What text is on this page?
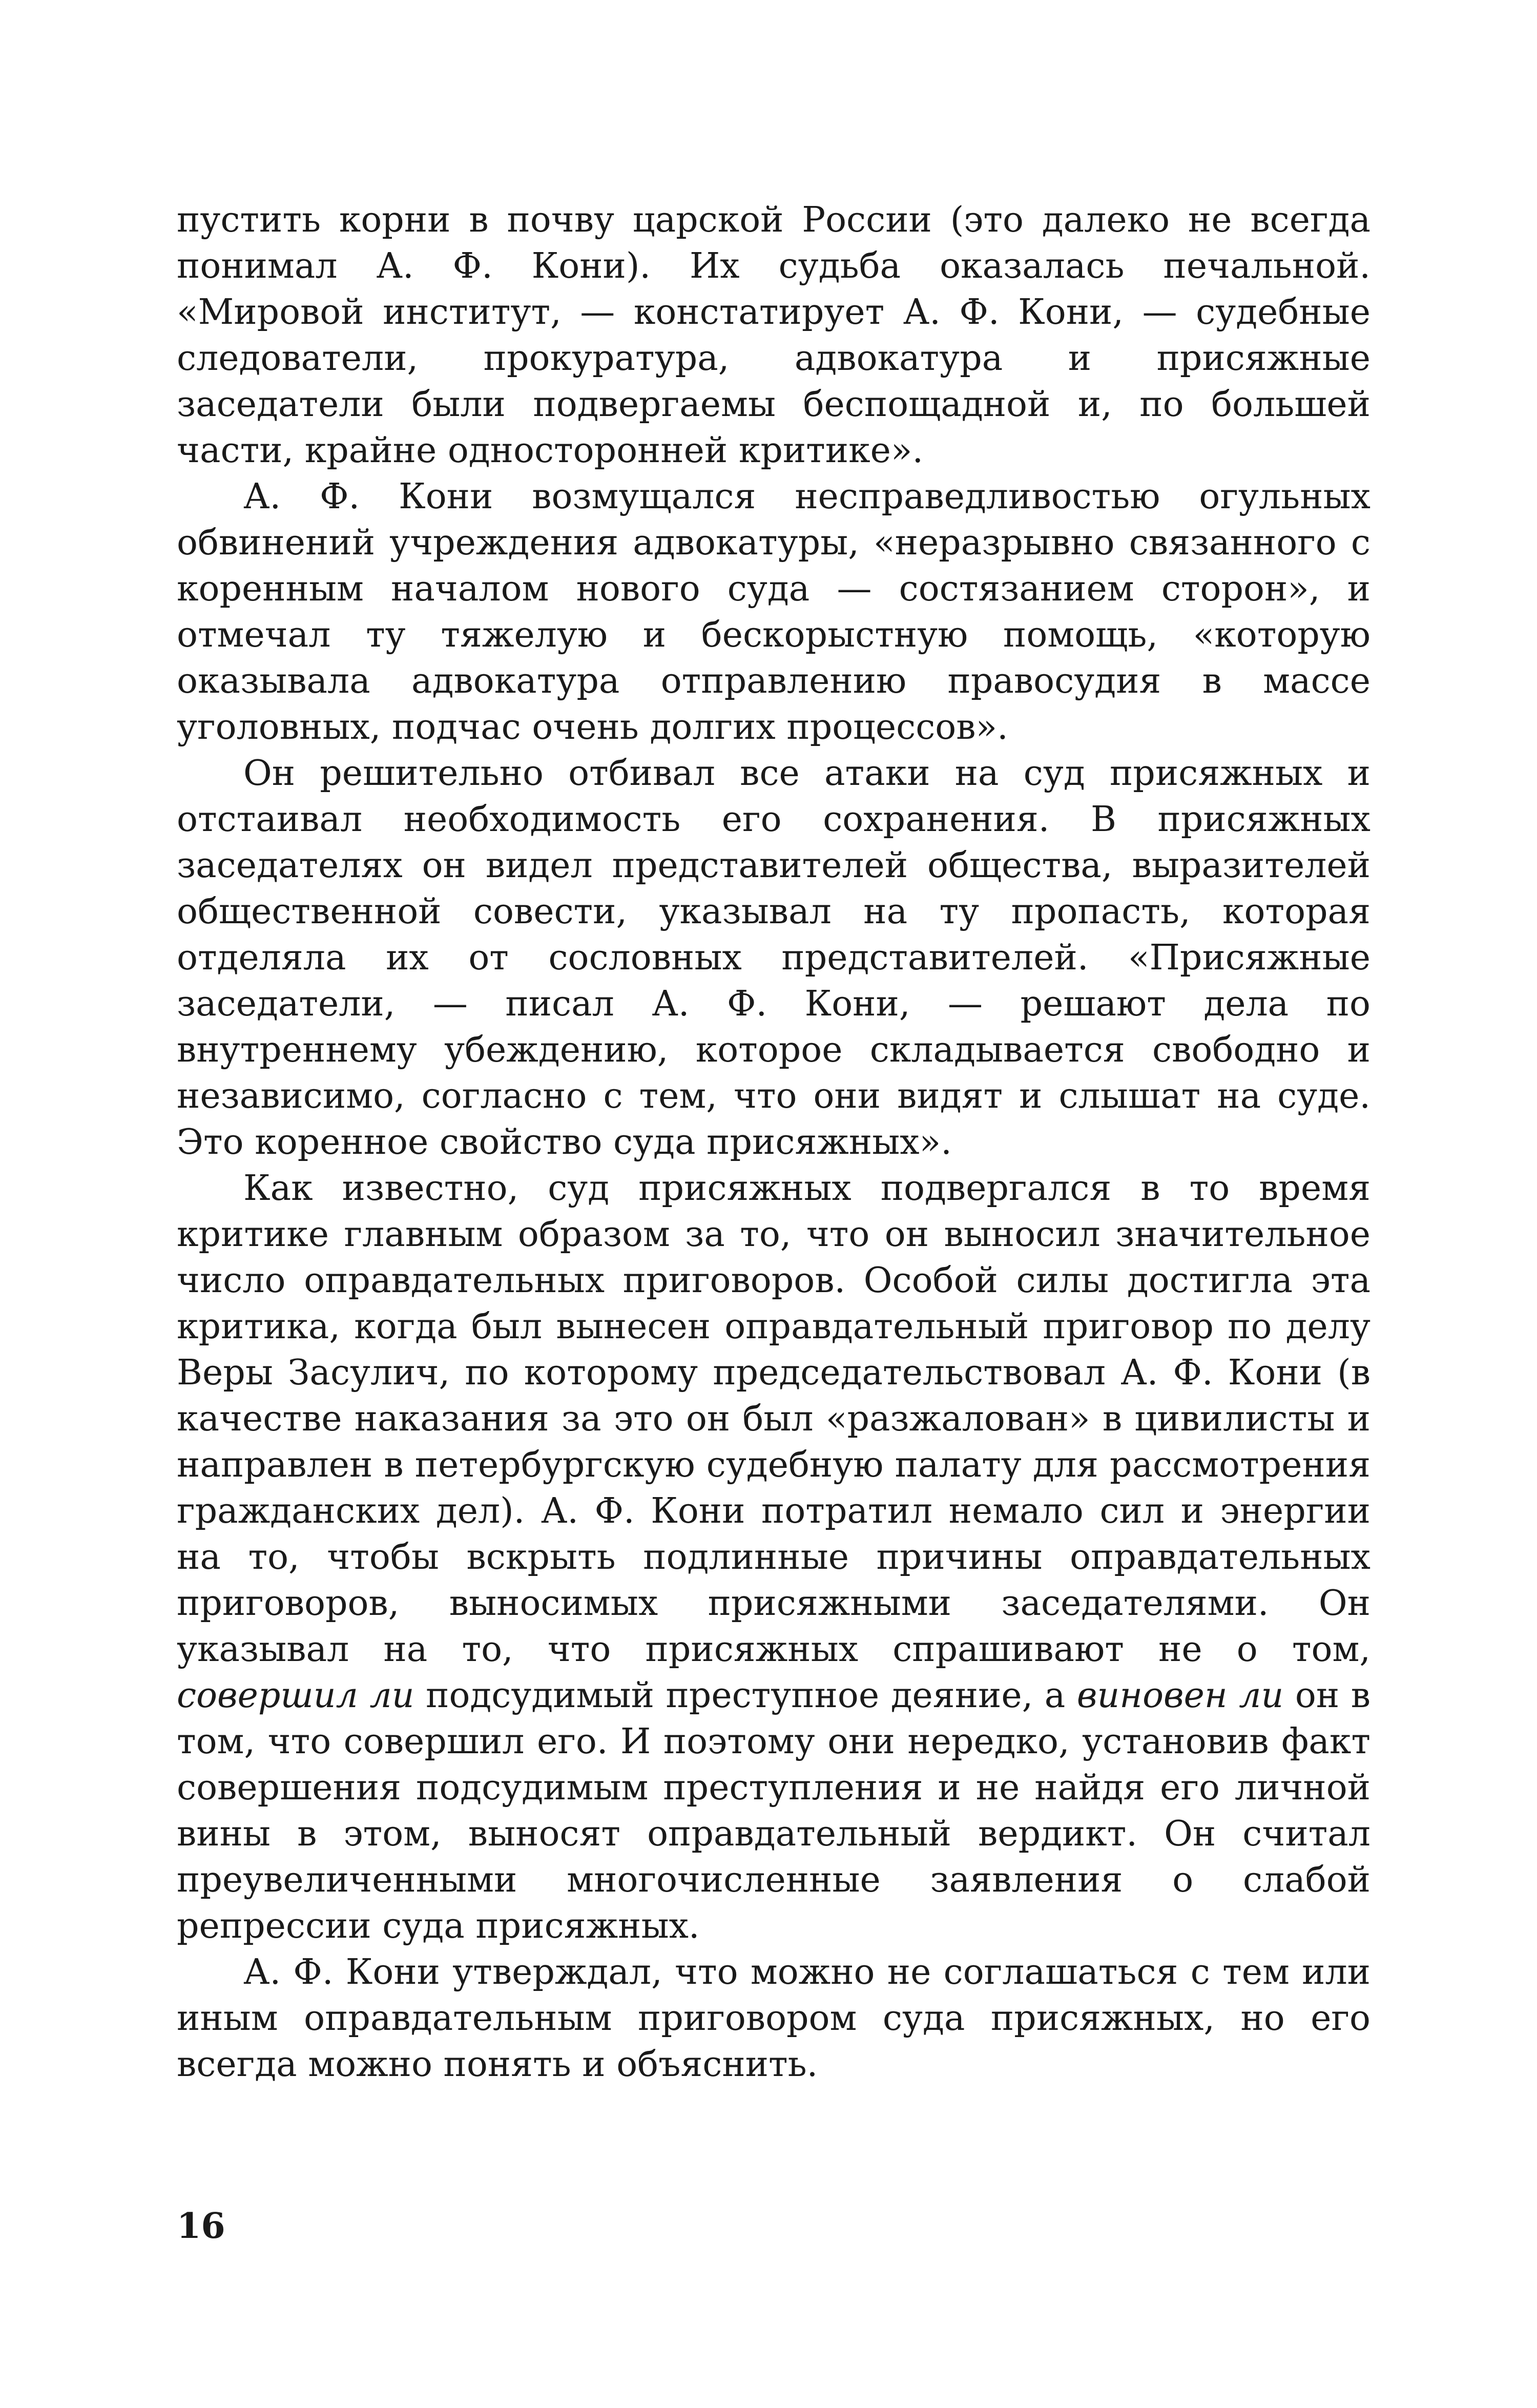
пустить корни в почву царской России (это далеко не всегда понимал А. Ф. Кони). Их судьба оказалась печальной. «Мировой институт, — констатирует А. Ф. Кони, — судебные следователи, прокуратура, адвокатура и присяжные заседатели были подвергаемы беспощадной и, по большей части, крайне односторонней критике».

А. Ф. Кони возмущался несправедливостью огульных обвинений учреждения адвокатуры, «неразрывно связанного с коренным началом нового суда — состязанием сторон», и отмечал ту тяжелую и бескорыстную помощь, «которую оказывала адвокатура отправлению правосудия в массе уголовных, подчас очень долгих процессов».

Он решительно отбивал все атаки на суд присяжных и отстаивал необходимость его сохранения. В присяжных заседателях он видел представителей общества, выразителей общественной совести, указывал на ту пропасть, которая отделяла их от сословных представителей. «Присяжные заседатели, — писал А. Ф. Кони, — решают дела по внутреннему убеждению, которое складывается свободно и независимо, согласно с тем, что они видят и слышат на суде. Это коренное свойство суда присяжных».

Как известно, суд присяжных подвергался в то время критике главным образом за то, что он выносил значительное число оправдательных приговоров. Особой силы достигла эта критика, когда был вынесен оправдательный приговор по делу Веры Засулич, по которому председательствовал А. Ф. Кони (в качестве наказания за это он был «разжалован» в цивилисты и направлен в петербургскую судебную палату для рассмотрения гражданских дел). А. Ф. Кони потратил немало сил и энергии на то, чтобы вскрыть подлинные причины оправдательных приговоров, выносимых присяжными заседателями. Он указывал на то, что присяжных спрашивают не о том, совершил ли подсудимый преступное деяние, а виновен ли он в том, что совершил его. И поэтому они нередко, установив факт совершения подсудимым преступления и не найдя его личной вины в этом, выносят оправдательный вердикт. Он считал преувеличенными многочисленные заявления о слабой репрессии суда присяжных.

А. Ф. Кони утверждал, что можно не соглашаться с тем или иным оправдательным приговором суда присяжных, но его всегда можно понять и объяснить.

16
